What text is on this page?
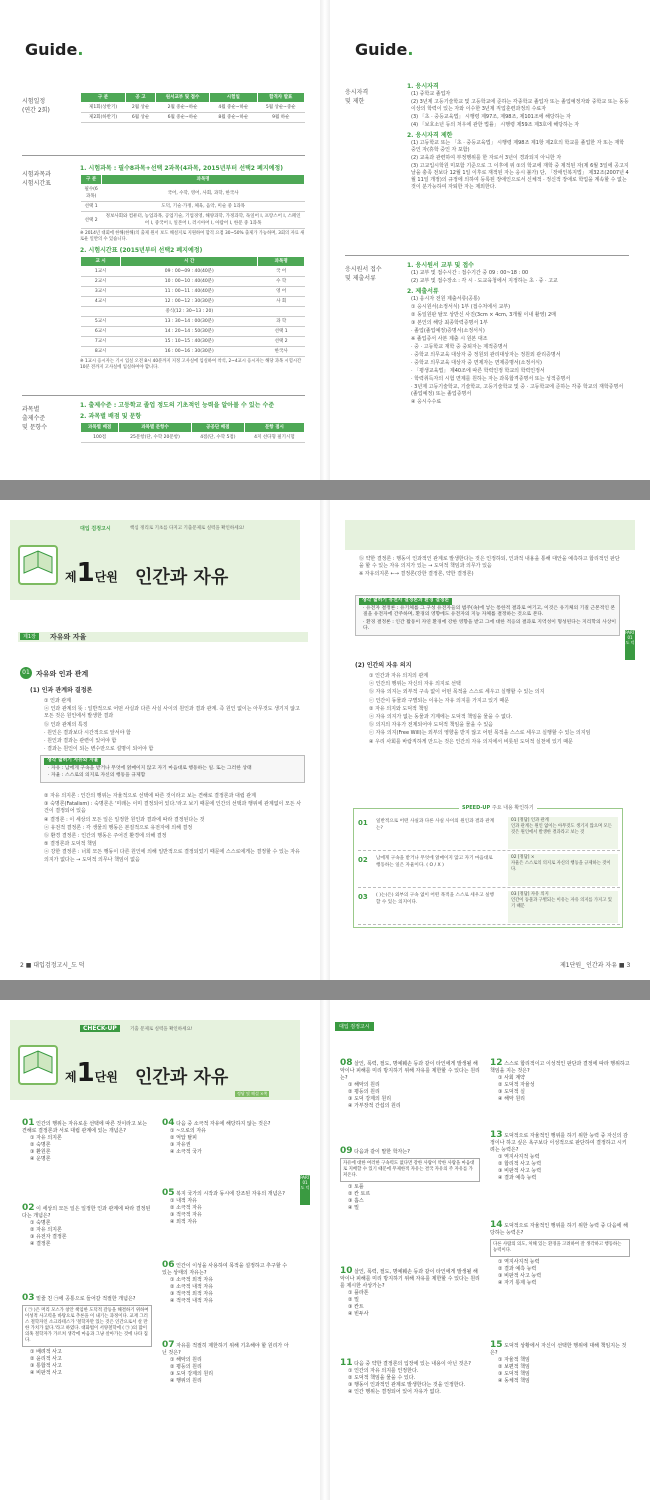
Guide.
시험일정
(연간 2회)
구 분	공 고	원서교부 및 접수	시험일	합격자 발표
제1회(상반기)	2월 상순	2월 중순~하순	4월 중순~하순	5월 상순~중순
제2회(하반기)	6월 상순	6월 중순~하순	8월 중순~하순	9월 하순
시험과목과
시험시간표
1. 시험과목 : 필수8과목+선택 2과목(4과목, 2015년부터 선택2 폐지예정)
구 분	과목명
필수(6과목)	국어, 수학, 영어, 사회, 과학, 한국사
선택 1	도덕, 기술·가정, 체육, 음악, 미술 중 1과목
선택 2	정보사회와 컴퓨터, 농업과목, 공업기술, 기업경영, 해양과학, 가정과학, 독일어 I, 프랑스어 I, 스페인어 I, 중국어 I, 일본어 I, 러시아어 I, 아랍어 I, 한문 중 1과목
※ 2014년 대회에 한해(한해)의 출제 원서 보도 해설지로 지원하여 합격 요점 30~50% 출제가 가능하며, 3회의 자료 새로운 일반의 수 있습니다.
2. 시험시간표 (2015년부터 선택2 폐지예정)
교 시	시 간	과목명
1교시	09 : 00~09 : 40(40분)	국 어
2교시	10 : 00~10 : 40(40분)	수 학
3교시	11 : 00~11 : 40(40분)	영 어
4교시	12 : 00~12 : 30(30분)	사 회
	중식(12 : 30~13 : 20)	
5교시	13 : 30~14 : 00(30분)	과 학
6교시	14 : 20~14 : 50(30분)	선택 1
7교시	15 : 10~15 : 40(30분)	선택 2
8교시	16 : 00~16 : 30(30분)	한국사
※ 1교시 응시자는 기시 입실 오전 8시 40분까지 지정 고사실에 입실하여 착석, 2~4교시 응시자는 해당 과목 시험시간 10분 전까지 고사실에 입실하여야 합니다.
과목별
출제수준
및 문항수
1. 출제수준 : 고등학교 졸업 정도의 기초적인 능력을 알아볼 수 있는 수준
2. 과목별 배점 및 문항
과목별 배점	과목별 문항수	공공단 배점	문항 점시
100점	25문항(단, 수학 20문항)	4점(단, 수학 5점)	4지 선다형 필기시험
Guide.
응시자격
및 제한
1. 응시자격
(1) 중학교 졸업자
(2) 3년제 고등기술학교 및 고등학교에 준하는 각종학교 졸업자 또는 졸업예정자와 중학교 또는 동등 이상의 학력이 있는 자와 이수한 3년제 직업훈련과정의 수료자
(3) 「초 · 중등교육법」 시행령 제97조, 제98조, 제101조에 해당하는 자
(4) 「보호소년 등의 처우에 관한 법률」 시행령 제59조 제3호에 해당하는 자
2. 응시자격 제한
(1) 고등학교 또는 「초 · 중등교육법」 시행령 제98조 제1항 제2호의 학교를 졸업한 자 또는 재학 중인 자(휴학 중인 자 포함)
(2) 교육과 관련하여 부정행위를 한 자로서 3년이 경과되지 아니한 자
(3) 고교입시학원 미포함 기준으로 그 이후에 위 ①의 학교에 재학 중 제적된 자(제 6월 3일에 공고지 날을 충족 전보다 12월 1일 이후로 재적된 자는 응시 불가) 단, 「장애인복지법」 제32조(2007년 4월 11일 개정)의 규정에 의하여 등록된 장애인으로서 신체적 · 정신적 장애로 학업을 계속할 수 없는 것이 분가능하여 자퇴한 자는 제외한다.
응시원서 접수
및 제출서류
1. 응시원서 교부 및 접수
(1) 교부 및 접수시간 : 접수기간 중 09 : 00~18 : 00
(2) 교부 및 접수장소 : 각 시 · 도교육청에서 지정하는 초 · 중 · 고교
2. 제출서류
(1) 응시자 전원 제출서류(공통)
① 응시원서(소정서식) 1부 (접수처에서 교부)
② 동일원판 탈모 상반신 사진(3cm × 4cm, 3개월 이내 촬영) 2매
③ 본인의 해당 최종학력증명서 1부
· 졸업(졸업예정)증명서(소정서식)
※ 졸업증서 사본 제출 시 원본 대조
· 중 · 고등학교 재학 중 중퇴자는 제적증명서
· 중학교 의무교육 대상자 중 정원외 관리대상자는 정원외 관리증명서
· 중학교 의무교육 대상자 중 면제자는 면제증명서(소정서식)
· 「평생교육법」 제40조에 따른 학력인정 학교의 학력인정서
· 학력취득자의 시험 면제를 원하는 자는 과목합격증명서 또는 성적증명서
· 3년제 고등기술학교, 기술학교, 고등기술학교 및 중 · 고등학교에 준하는 각종 학교의 재학증명서(졸업예정) 또는 졸업증명서
④ 응시수수료
대입 검정고시	핵심 정리로 기초를 다지고 기출문제로 실력을 확인하세요!
제1단원 인간과 자유
제1장	자유와 자율
01 자유와 인과 관계
(1) 인과 관계와 결정론
① 인과 관계
ⓐ 인과 관계의 뜻 : 일반적으로 어떤 사실과 다른 사실 사이의 원인과 결과 관계. 즉 원인 없이는 아무것도 생기지 않고 모든 것은 원인에서 발생한 결과
ⓑ 인과 관계의 특징
· 원인은 결과보다 시간적으로 앞서야 함
· 원인과 결과는 관련이 있어야 함
· 결과는 원인이 되는 변수만으로 설명이 되어야 함
생각 넓히기 자유와 자율
· 자유 : 남에게 구속을 받거나 무엇에 얽매이지 않고 자기 마음대로 행동하는 일. 또는 그러한 상태
· 자율 : 스스로의 의지로 자신의 행동을 규제함
② 자유 의지론 : 인간의 행위는 자율적으로 선택에 따른 것이라고 보는 견해로 결정론과 대립 관계
③ 숙명론(Fatalism) : 숙명론은 '미래는 이미 결정되어 있다.'라고 보기 때문에 인간의 선택과 행위에 관계없이 모든 사건이 결정되어 있음
④ 결정론 : 이 세상의 모든 일은 일정한 원인과 결과에 따라 결정된다는 것
ⓐ 유전적 결정론 : 각 생물의 행동은 본질적으로 유전자에 의해 결정
ⓑ 환경 결정론 : 인간의 행동은 주어진 환경에 의해 결정
⑤ 결정론과 도덕적 책임
ⓐ 강한 결정론 : 너희 모든 행동이 다른 원인에 의해 일반적으로 결정되었기 때문에 스스로에게는 결정할 수 있는 자유 의지가 없다는 → 도덕적 의무나 책임이 없음
2 ■ 대입검정고시_도 덕
ⓑ 약한 결정론 : 행동이 인과적인 관계로 발생한다는 것은 인정하되, 인과적 내용을 통해 대안을 예측하고 합리적인 판단을 할 수 있는 자유 의지가 있는 → 도덕적 책임과 의무가 있음
※ 자유의지론 ←→ 결정론(강한 결정론, 약한 결정론)
생각 넓히기 유전자 결정론과 환경 결정론
· 유전자 결정론 : 유기체를 그 구성 유전자들의 범주(속)에 넣는 통한적 결과로 여기고, 이것은 유기체의 기질 근본적인 본질을 유전자에 간주하며, 환경의 영향에도 유전자의 지능 자체를 결정하는 것으로 본다.
· 환경 결정론 : 인간 활동이 자연 환경에 강한 영향을 받고 그에 대한 적응의 결과로 지역성이 형성된다는 지리학의 사상이다.
(2) 인간의 자유 의지
① 인간과 자유 의지의 관계
ⓐ 인간의 행위는 자신의 자유 의지로 선택
ⓑ 자유 의지는 외부적 구속 없이 어떤 목적을 스스로 세우고 실행할 수 있는 의지
ⓒ 인간이 동물과 구별되는 이유는 자유 의지를 가지고 있기 때문
② 자유 의지와 도덕적 책임
ⓐ 자유 의지가 없는 동물과 기계에는 도덕적 책임을 물을 수 없다.
ⓑ 의지의 자유가 전제되어야 도덕적 책임을 물을 수 있음
ⓒ 자유 의지(Free Will)는 외부의 영향을 받지 않고 어떤 목적을 스스로 세우고 실행할 수 있는 의지임
④ 우리 사회를 바람직하게 만드는 것은 인간의 자유 의지에서 비롯된 도덕적 실천에 있기 때문
SPEED-UP 주요 내용 확인하기
01 일반적으로 어떤 사실과 다른 사실 사이의 원인과 결과 관계는?
01 [정답] 인과 관계
인과 관계는 원인 없이는 아무것도 생기지 않으며 모든 것은 원인에서 발생한 결과라고 보는 것
02 남에게 구속을 받거나 무엇에 얽매이지 않고 자기 마음대로 행동하는 일은 자율이다. ( O / X )
02 [정답] ×
자율은 스스로의 의지로 자신의 행동을 규제하는 것이다.
03 ( )는(은) 외부의 구속 없이 어떤 목적을 스스로 세우고 실행할 수 있는 의지이다.
03 [정답] 자유 의지
인간이 동물과 구별되는 이유는 자유 의지를 가지고 있기 때문
제1단원_ 인간과 자유 ■ 3
PART 01 도 덕
CHECK-UP	기출 문제로 실력을 확인하세요!
제1단원 인간과 자유
정답 및 해설 ×쪽
01 인간의 행위는 자유로운 선택에 따른 것이라고 보는 견해로 결정론과 서로 대립 관계에 있는 개념은?
① 자유 의지론
② 숙명론
③ 환원론
④ 운명론
02 이 세상의 모든 일은 일정한 인과 관계에 따라 결정된다는 개념은?
① 숙명론
② 자유 의지론
③ 유전자 결정론
④ 결정론
03 밑줄 친 ㉠에 공통으로 들어갈 적절한 개념은?
( ㉠ )은 머리 모스가 창안 책임한 도덕적 갈등을 해결하기 위하여 이성적 사고력을 바탕으로 추론을 이 내기는 과정이다. 교재 그러스 철학자인 소크라테스가 '철학자만 있는 것은 인간으로서 살 만한 가치가 없다.'라고 하였다. 대화법이 서양철학에 ( ㉠ )의 많이 의혹 철학자가 가르쳐 생각에 마음과 그냥 살아가는 것에 나타 집다.
① 배려적 사고
② 윤리적 사고
③ 통합적 사고
④ 비판적 사고
04 다음 중 소극적 자유에 해당하지 않는 것은?
① ~으로의 자유
② 억압 탈피
③ 자유권
④ 소극적 국가
05 복지 국가의 시작과 동시에 강조된 자유의 개념은?
① 내적 자유
② 소극적 자유
③ 적극적 자유
④ 외적 자유
06 인간이 이성을 사용하여 목적을 설정하고 추구할 수 있는 상태의 자유는?
① 소극적 외적 자유
② 소극적 내적 자유
③ 적극적 외적 자유
④ 적극적 내적 자유
07 자유를 적절히 제한하기 위해 기초해야 할 원리가 아닌 것은?
① 해악의 원리
② 평등의 원리
③ 도덕 강제의 원리
④ 행위의 원리
PART 01 도 덕
대입 검정고시
08 살인, 폭력, 절도, 명예훼손 등과 같이 타인에게 발생될 해악이나 피해를 미리 방지하기 위해 자유를 제한할 수 있다는 원리는?
① 해악의 원리
② 평등의 원리
③ 도덕 강제의 원리
④ 가부장적 간섭의 원리
09 다음과 같이 말한 학자는?
자유에 대한 여러한 구속력도 없다면 강한 사람이 약한 사람을 마음대로 지배할 수 있기 때문에 무제한적 자유는 결국 자유의 주 자유를 가져온다.
① 토플
② 칸 토르
③ 홉스
④ 밀
10 살인, 폭력, 절도, 명예훼손 등과 같이 타인에게 발생될 해악이나 피해를 미리 방지하기 위해 자유를 제한할 수 있다는 원리를 제시한 사상가는?
① 플라톤
② 밀
③ 칸트
④ 빈두사
11 다음 중 약한 결정론의 입장에 있는 내용이 아닌 것은?
① 인간의 자유 의지를 인정한다.
② 도덕적 책임을 물을 수 있다.
③ 행동이 인과적인 관계로 발생한다는 것을 인정한다.
④ 인간 행위는 결정되어 있어 자유가 없다.
12 스스로 합리적이고 이성적인 판단과 결정에 따라 행위하고 책임을 지는 것은?
① 사회 계약
② 도덕적 자율성
③ 도덕적 실
④ 해악 원리
13 도덕적으로 자율적인 행위를 하기 위한 능력 중 자신의 감정이나 하고 싶은 욕구보다 이성적으로 판단하여 결정하고 시키려는 능력은?
① 역지사지적 능력
② 합리적 사고 능력
③ 비판적 사고 능력
④ 결과 예측 능력
14 도덕적으로 자율적인 행위를 하기 위한 능력 중 다음에 해당하는 능력은?
다른 사람의 의도, 처해 있는 환경을 고려하여 잘 생각하고 행동하는 능력이다.
① 역지사지적 능력
② 결과 예측 능력
③ 비판적 사고 능력
④ 자기 통제 능력
15 도덕적 상황에서 자신이 선택한 행위에 대해 책임지는 것은?
① 자율적 책임
② 보편적 책임
③ 도덕적 책임
④ 동체적 책임
